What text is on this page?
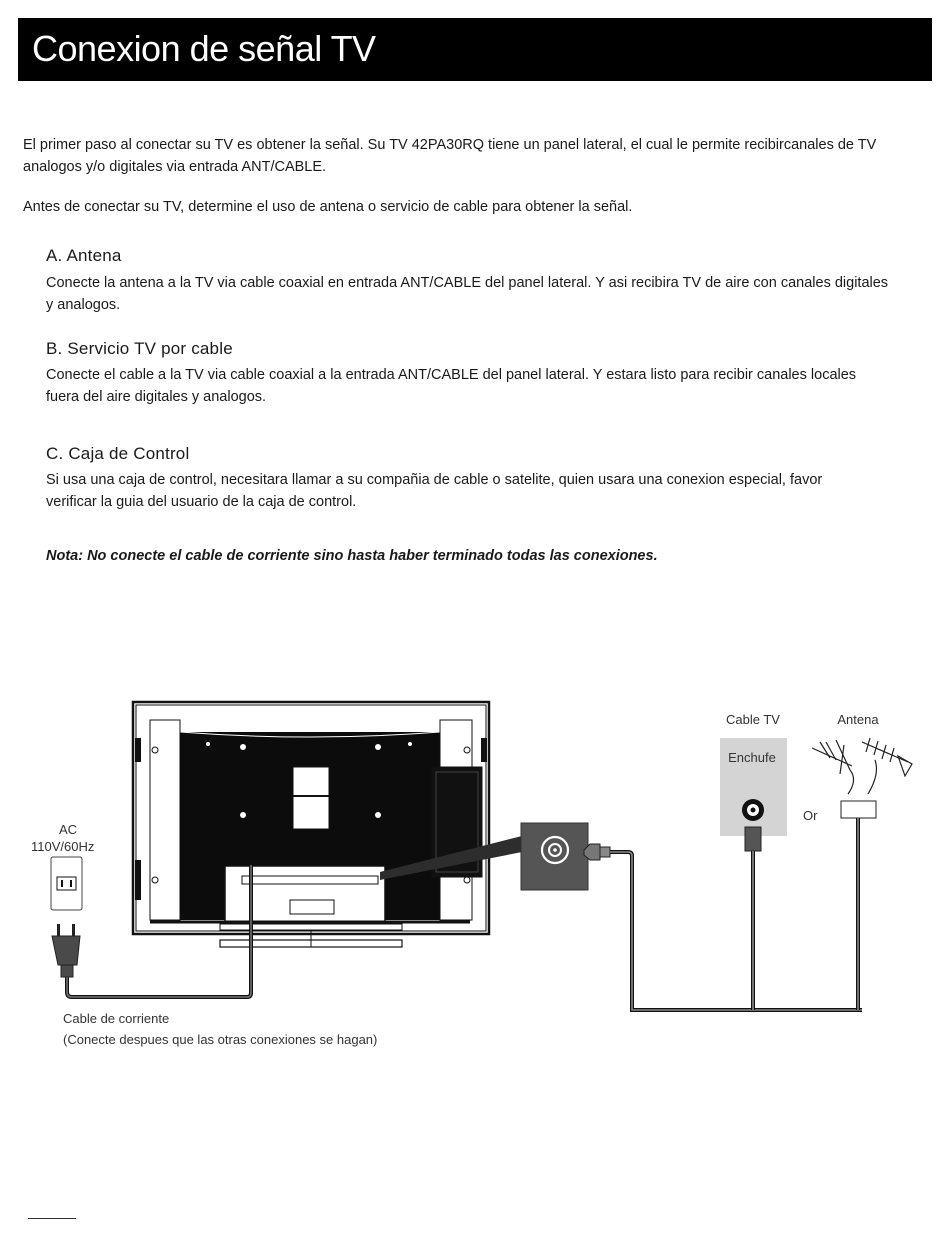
Conexion de señal TV

El primer paso al conectar su TV es obtener la señal. Su TV 42PA30RQ tiene un panel lateral, el cual le permite recibircanales de TV
analogos y/o digitales via entrada ANT/CABLE.

Antes de conectar su TV, determine el uso de antena o servicio de cable para obtener la señal.

A. Antena

Conecte la antena a la TV via cable coaxial en entrada ANT/CABLE del panel lateral. Y asi recibira TV de aire con canales digitales
y analogos.

B. Servicio TV por cable

Conecte el cable a la TV via cable coaxial a la entrada ANT/CABLE del panel lateral. Y estara listo para recibir canales locales
fuera del aire digitales y analogos.

C. Caja de Control

Si usa una caja de control, necesitara llamar a su compañia de cable o satelite, quien usara una conexion especial, favor
verificar la guia del usuario de la caja de control.

Nota: No conecte el cable de corriente sino hasta haber terminado todas las conexiones.

Cable TV
Enchufe
Or
Antena
AC
110V/60Hz
Cable de corriente
(Conecte despues que las otras conexiones se hagan)
